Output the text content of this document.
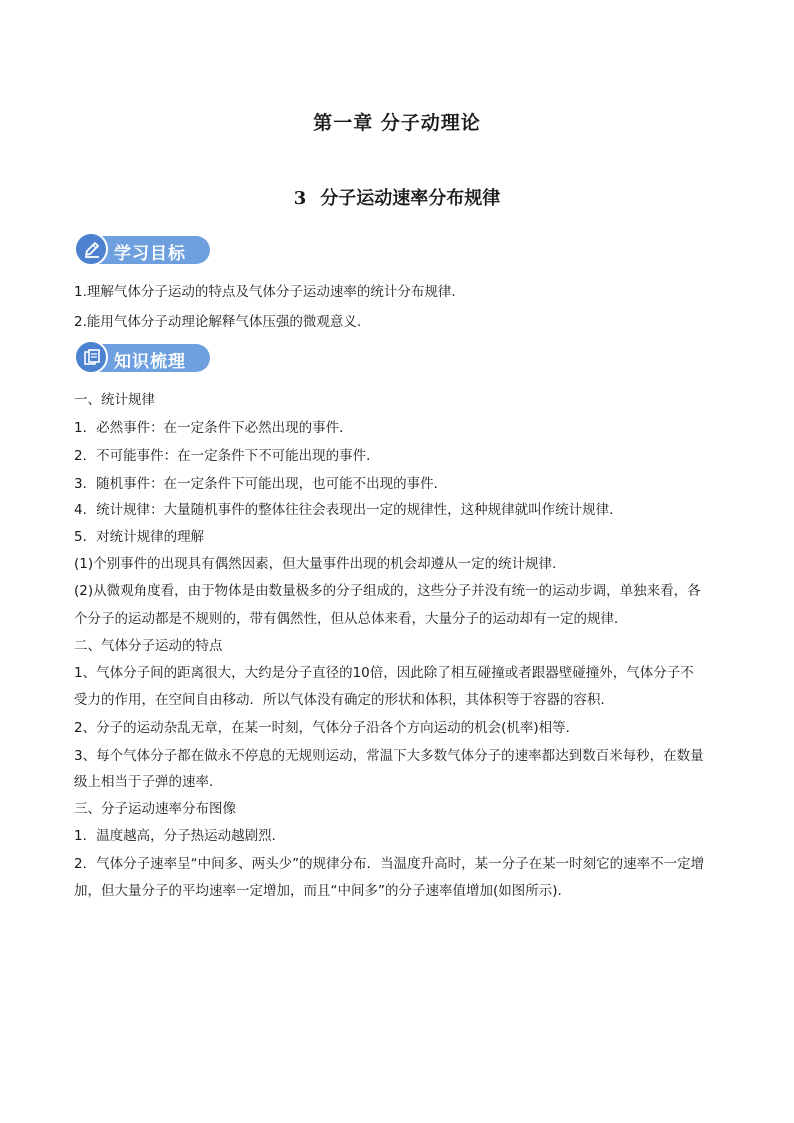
第一章 分子动理论
3 分子运动速率分布规律
学习目标
1.理解气体分子运动的特点及气体分子运动速率的统计分布规律.
2.能用气体分子动理论解释气体压强的微观意义.
知识梳理
一、统计规律
1．必然事件：在一定条件下必然出现的事件．
2．不可能事件：在一定条件下不可能出现的事件．
3．随机事件：在一定条件下可能出现，也可能不出现的事件．
4．统计规律：大量随机事件的整体往往会表现出一定的规律性，这种规律就叫作统计规律．
5．对统计规律的理解
(1)个别事件的出现具有偶然因素，但大量事件出现的机会却遵从一定的统计规律．
(2)从微观角度看，由于物体是由数量极多的分子组成的，这些分子并没有统一的运动步调，单独来看，各
个分子的运动都是不规则的，带有偶然性，但从总体来看，大量分子的运动却有一定的规律．
二、气体分子运动的特点
1、气体分子间的距离很大，大约是分子直径的10倍，因此除了相互碰撞或者跟器壁碰撞外，气体分子不
受力的作用，在空间自由移动．所以气体没有确定的形状和体积，其体积等于容器的容积．
2、分子的运动杂乱无章，在某一时刻，气体分子沿各个方向运动的机会(机率)相等．
3、每个气体分子都在做永不停息的无规则运动，常温下大多数气体分子的速率都达到数百米每秒，在数量
级上相当于子弹的速率．
三、分子运动速率分布图像
1．温度越高，分子热运动越剧烈．
2．气体分子速率呈“中间多、两头少”的规律分布．当温度升高时，某一分子在某一时刻它的速率不一定增
加，但大量分子的平均速率一定增加，而且“中间多”的分子速率值增加(如图所示)．
